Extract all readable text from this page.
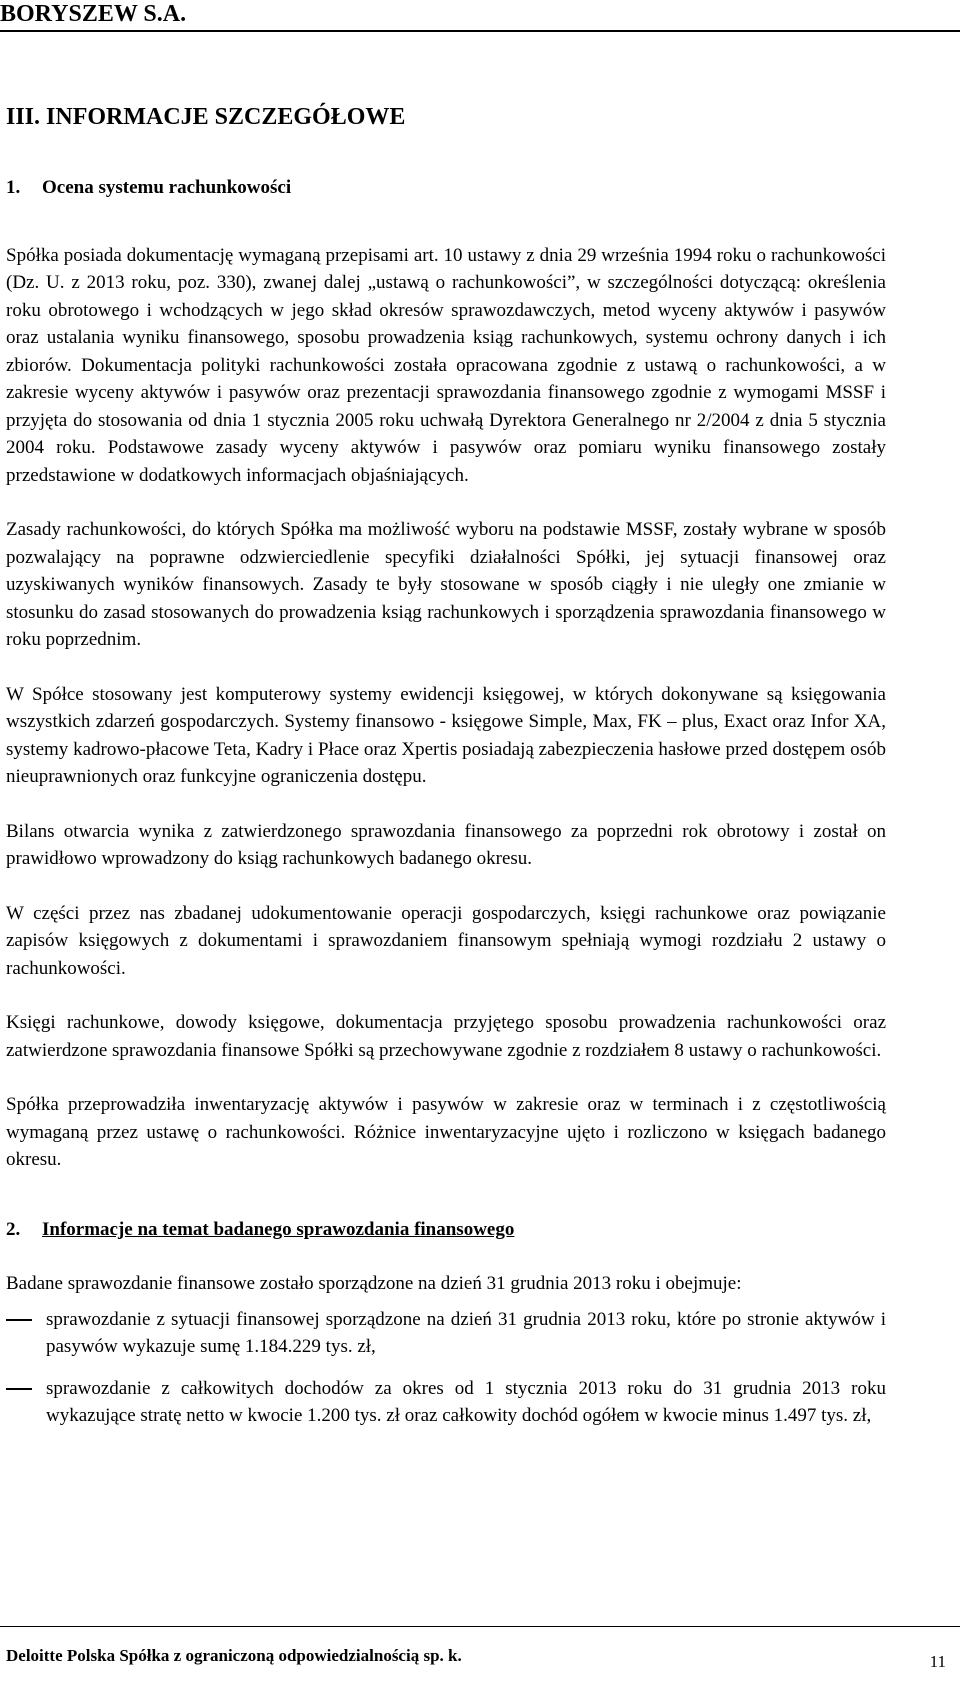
BORYSZEW S.A.
III. INFORMACJE SZCZEGÓŁOWE
1. Ocena systemu rachunkowości

Spółka posiada dokumentację wymaganą przepisami art. 10 ustawy z dnia 29 września 1994 roku o rachunkowości (Dz. U. z 2013 roku, poz. 330), zwanej dalej „ustawą o rachunkowości”, w szczególności dotyczącą: określenia roku obrotowego i wchodzących w jego skład okresów sprawozdawczych, metod wyceny aktywów i pasywów oraz ustalania wyniku finansowego, sposobu prowadzenia ksiąg rachunkowych, systemu ochrony danych i ich zbiorów. Dokumentacja polityki rachunkowości została opracowana zgodnie z ustawą o rachunkowości, a w zakresie wyceny aktywów i pasywów oraz prezentacji sprawozdania finansowego zgodnie z wymogami MSSF i przyjęta do stosowania od dnia 1 stycznia 2005 roku uchwałą Dyrektora Generalnego nr 2/2004 z dnia 5 stycznia 2004 roku. Podstawowe zasady wyceny aktywów i pasywów oraz pomiaru wyniku finansowego zostały przedstawione w dodatkowych informacjach objaśniających.

Zasady rachunkowości, do których Spółka ma możliwość wyboru na podstawie MSSF, zostały wybrane w sposób pozwalający na poprawne odzwierciedlenie specyfiki działalności Spółki, jej sytuacji finansowej oraz uzyskiwanych wyników finansowych. Zasady te były stosowane w sposób ciągły i nie uległy one zmianie w stosunku do zasad stosowanych do prowadzenia ksiąg rachunkowych i sporządzenia sprawozdania finansowego w roku poprzednim.

W Spółce stosowany jest komputerowy systemy ewidencji księgowej, w których dokonywane są księgowania wszystkich zdarzeń gospodarczych. Systemy finansowo - księgowe Simple, Max, FK – plus, Exact oraz Infor XA, systemy kadrowo-płacowe Teta, Kadry i Płace oraz Xpertis posiadają zabezpieczenia hasłowe przed dostępem osób nieuprawnionych oraz funkcyjne ograniczenia dostępu.

Bilans otwarcia wynika z zatwierdzonego sprawozdania finansowego za poprzedni rok obrotowy i został on prawidłowo wprowadzony do ksiąg rachunkowych badanego okresu.

W części przez nas zbadanej udokumentowanie operacji gospodarczych, księgi rachunkowe oraz powiązanie zapisów księgowych z dokumentami i sprawozdaniem finansowym spełniają wymogi rozdziału 2 ustawy o rachunkowości.

Księgi rachunkowe, dowody księgowe, dokumentacja przyjętego sposobu prowadzenia rachunkowości oraz zatwierdzone sprawozdania finansowe Spółki są przechowywane zgodnie z rozdziałem 8 ustawy o rachunkowości.

Spółka przeprowadziła inwentaryzację aktywów i pasywów w zakresie oraz w terminach i z częstotliwością wymaganą przez ustawę o rachunkowości. Różnice inwentaryzacyjne ujęto i rozliczono w księgach badanego okresu.

2. Informacje na temat badanego sprawozdania finansowego

Badane sprawozdanie finansowe zostało sporządzone na dzień 31 grudnia 2013 roku i obejmuje:

sprawozdanie z sytuacji finansowej sporządzone na dzień 31 grudnia 2013 roku, które po stronie aktywów i pasywów wykazuje sumę 1.184.229 tys. zł,
sprawozdanie z całkowitych dochodów za okres od 1 stycznia 2013 roku do 31 grudnia 2013 roku wykazujące stratę netto w kwocie 1.200 tys. zł oraz całkowity dochód ogółem w kwocie minus 1.497 tys. zł,
Deloitte Polska Spółka z ograniczoną odpowiedzialnością sp. k.	11
